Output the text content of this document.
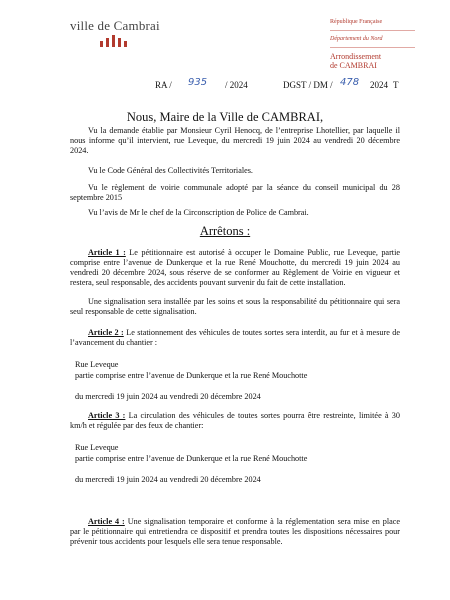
ville de Cambrai	République Française
Département du Nord
Arrondissement
de CAMBRAI
RA / 935 / 2024	DGST / DM / 478 2024 T
Nous, Maire de la Ville de CAMBRAI,

Vu la demande établie par Monsieur Cyril Henocq, de l’entreprise Lhotellier, par laquelle il nous informe qu’il intervient, rue Leveque, du mercredi 19 juin 2024 au vendredi 20 décembre 2024.

Vu le Code Général des Collectivités Territoriales.

Vu le règlement de voirie communale adopté par la séance du conseil municipal du 28 septembre 2015

Vu l’avis de Mr le chef de la Circonscription de Police de Cambrai.

Arrêtons :

Article 1 : Le pétitionnaire est autorisé à occuper le Domaine Public, rue Leveque, partie comprise entre l’avenue de Dunkerque et la rue René Mouchotte, du mercredi 19 juin 2024 au vendredi 20 décembre 2024, sous réserve de se conformer au Règlement de Voirie en vigueur et restera, seul responsable, des accidents pouvant survenir du fait de cette installation.

Une signalisation sera installée par les soins et sous la responsabilité du pétitionnaire qui sera seul responsable de cette signalisation.

Article 2 : Le stationnement des véhicules de toutes sortes sera interdit, au fur et à mesure de l’avancement du chantier :

Rue Leveque
partie comprise entre l’avenue de Dunkerque et la rue René Mouchotte
du mercredi 19 juin 2024 au vendredi 20 décembre 2024

Article 3 : La circulation des véhicules de toutes sortes pourra être restreinte, limitée à 30 km/h et régulée par des feux de chantier:

Rue Leveque
partie comprise entre l’avenue de Dunkerque et la rue René Mouchotte
du mercredi 19 juin 2024 au vendredi 20 décembre 2024

Article 4 : Une signalisation temporaire et conforme à la réglementation sera mise en place par le pétitionnaire qui entretiendra ce dispositif et prendra toutes les dispositions nécessaires pour prévenir tous accidents pour lesquels elle sera tenue responsable.
